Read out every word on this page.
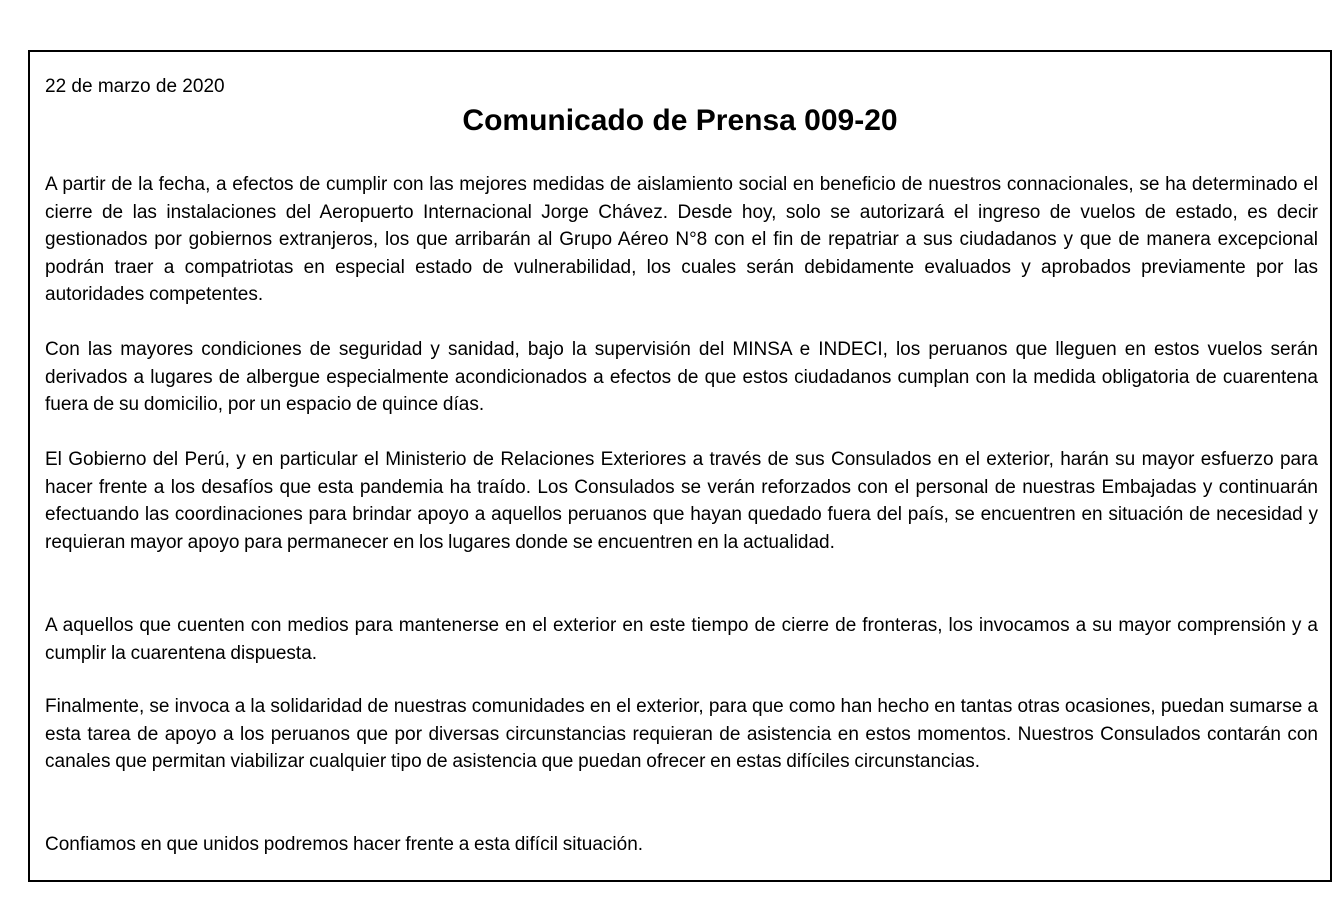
22 de marzo de 2020
Comunicado de Prensa 009-20

A partir de la fecha, a efectos de cumplir con las mejores medidas de aislamiento social en beneficio de nuestros connacionales, se ha determinado el cierre de las instalaciones del Aeropuerto Internacional Jorge Chávez. Desde hoy, solo se autorizará el ingreso de vuelos de estado, es decir gestionados por gobiernos extranjeros, los que arribarán al Grupo Aéreo N°8 con el fin de repatriar a sus ciudadanos y que de manera excepcional podrán traer a compatriotas en especial estado de vulnerabilidad, los cuales serán debidamente evaluados y aprobados previamente por las autoridades competentes.

Con las mayores condiciones de seguridad y sanidad, bajo la supervisión del MINSA e INDECI, los peruanos que lleguen en estos vuelos serán derivados a lugares de albergue especialmente acondicionados a efectos de que estos ciudadanos cumplan con la medida obligatoria de cuarentena fuera de su domicilio, por un espacio de quince días.

El Gobierno del Perú, y en particular el Ministerio de Relaciones Exteriores a través de sus Consulados en el exterior, harán su mayor esfuerzo para hacer frente a los desafíos que esta pandemia ha traído. Los Consulados se verán reforzados con el personal de nuestras Embajadas y continuarán efectuando las coordinaciones para brindar apoyo a aquellos peruanos que hayan quedado fuera del país, se encuentren en situación de necesidad y requieran mayor apoyo para permanecer en los lugares donde se encuentren en la actualidad.

A aquellos que cuenten con medios para mantenerse en el exterior en este tiempo de cierre de fronteras, los invocamos a su mayor comprensión y a cumplir la cuarentena dispuesta.

Finalmente, se invoca a la solidaridad de nuestras comunidades en el exterior, para que como han hecho en tantas otras ocasiones, puedan sumarse a esta tarea de apoyo a los peruanos que por diversas circunstancias requieran de asistencia en estos momentos. Nuestros Consulados contarán con canales que permitan viabilizar cualquier tipo de asistencia que puedan ofrecer en estas difíciles circunstancias.

Confiamos en que unidos podremos hacer frente a esta difícil situación.
